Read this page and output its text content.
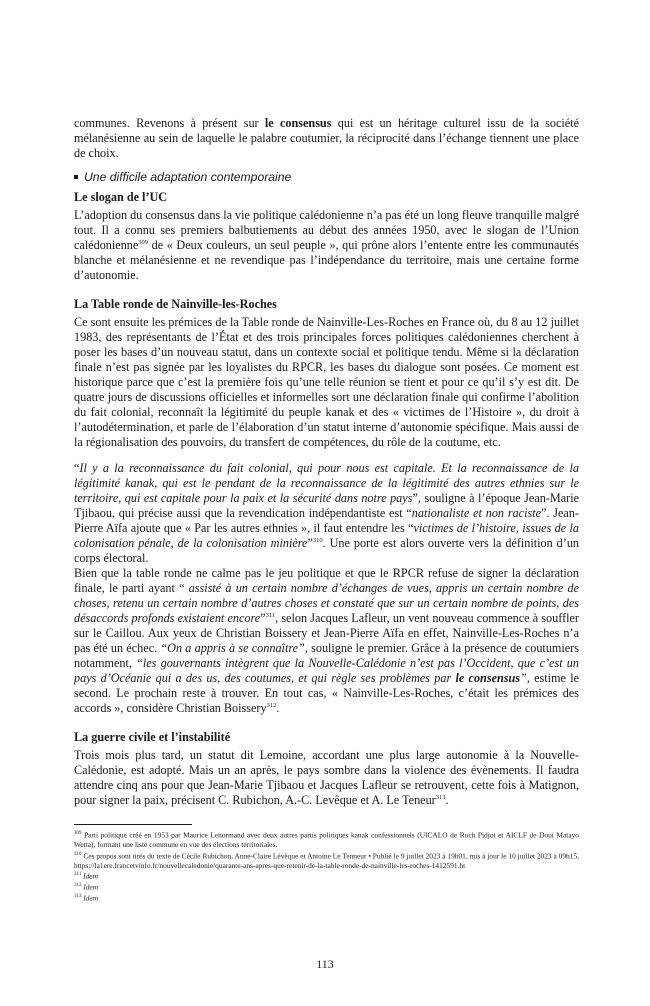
communes. Revenons à présent sur le consensus qui est un héritage culturel issu de la société mélanésienne au sein de laquelle le palabre coutumier, la réciprocité dans l’échange tiennent une place de choix.

Une difficile adaptation contemporaine
Le slogan de l’UC

L’adoption du consensus dans la vie politique calédonienne n’a pas été un long fleuve tranquille malgré tout. Il a connu ses premiers balbutiements au début des années 1950, avec le slogan de l’Union calédonienne$^{309}$ de « Deux couleurs, un seul peuple », qui prône alors l’entente entre les communautés blanche et mélanésienne et ne revendique pas l’indépendance du territoire, mais une certaine forme d’autonomie.

La Table ronde de Nainville-les-Roches

Ce sont ensuite les prémices de la Table ronde de Nainville-Les-Roches en France où, du 8 au 12 juillet 1983, des représentants de l’État et des trois principales forces politiques calédoniennes cherchent à poser les bases d’un nouveau statut, dans un contexte social et politique tendu. Même si la déclaration finale n’est pas signée par les loyalistes du RPCR, les bases du dialogue sont posées. Ce moment est historique parce que c’est la première fois qu’une telle réunion se tient et pour ce qu’il s’y est dit. De quatre jours de discussions officielles et informelles sort une déclaration finale qui confirme l’abolition du fait colonial, reconnaît la légitimité du peuple kanak et des « victimes de l’Histoire », du droit à l’autodétermination, et parle de l’élaboration d’un statut interne d’autonomie spécifique. Mais aussi de la régionalisation des pouvoirs, du transfert de compétences, du rôle de la coutume, etc.

“Il y a la reconnaissance du fait colonial, qui pour nous est capitale. Et la reconnaissance de la légitimité kanak, qui est le pendant de la reconnaissance de la légitimité des autres ethnies sur le territoire, qui est capitale pour la paix et la sécurité dans notre pays”, souligne à l’époque Jean-Marie Tjibaou, qui précise aussi que la revendication indépendantiste est “nationaliste et non raciste”. Jean-Pierre Aïfa ajoute que « Par les autres ethnies », il faut entendre les “victimes de l’histoire, issues de la colonisation pénale, de la colonisation minière”$^{310}$. Une porte est alors ouverte vers la définition d’un corps électoral.

Bien que la table ronde ne calme pas le jeu politique et que le RPCR refuse de signer la déclaration finale, le parti ayant “ assisté à un certain nombre d’échanges de vues, appris un certain nombre de choses, retenu un certain nombre d’autres choses et constaté que sur un certain nombre de points, des désaccords profonds existaient encore”$^{311}$, selon Jacques Lafleur, un vent nouveau commence à souffler sur le Caillou. Aux yeux de Christian Boissery et Jean-Pierre Aïfa en effet, Nainville-Les-Roches n’a pas été un échec. “On a appris à se connaître”, souligne le premier. Grâce à la présence de coutumiers notamment, “les gouvernants intègrent que la Nouvelle-Calédonie n’est pas l’Occident, que c’est un pays d’Océanie qui a des us, des coutumes, et qui règle ses problèmes par le consensus”, estime le second. Le prochain reste à trouver. En tout cas, « Nainville-Les-Roches, c’était les prémices des accords », considère Christian Boissery$^{312}$.

La guerre civile et l’instabilité

Trois mois plus tard, un statut dit Lemoine, accordant une plus large autonomie à la Nouvelle-Calédonie, est adopté. Mais un an après, le pays sombre dans la violence des évènements. Il faudra attendre cinq ans pour que Jean-Marie Tjibaou et Jacques Lafleur se retrouvent, cette fois à Matignon, pour signer la paix, précisent C. Rubichon, A.-C. Levêque et A. Le Teneur$^{313}$.

$^{309}$ Parti politique créé en 1953 par Maurice Lenormand avec deux autres partis politiques kanak confessionnels (UICALO de Roch Pidjot et AICLF de Doui Matayo Wetta), formant une liste commune en vue des élections territoriales.

$^{310}$ Ces propos sont tirés du texte de Cécile Rubichon, Anne-Claire Lévêque et Antoine Le Tenneur • Publié le 9 juillet 2023 à 19h01, mis à jour le 10 juillet 2023 à 09h15, https://la1ere.francetvinfo.fr/nouvellecaledonie/quarante-ans-apres-que-retenir-de-la-table-ronde-de-nainville-les-roches-1412591.ht

$^{311}$ Idem

$^{312}$ Idem

$^{313}$ Idem

113
